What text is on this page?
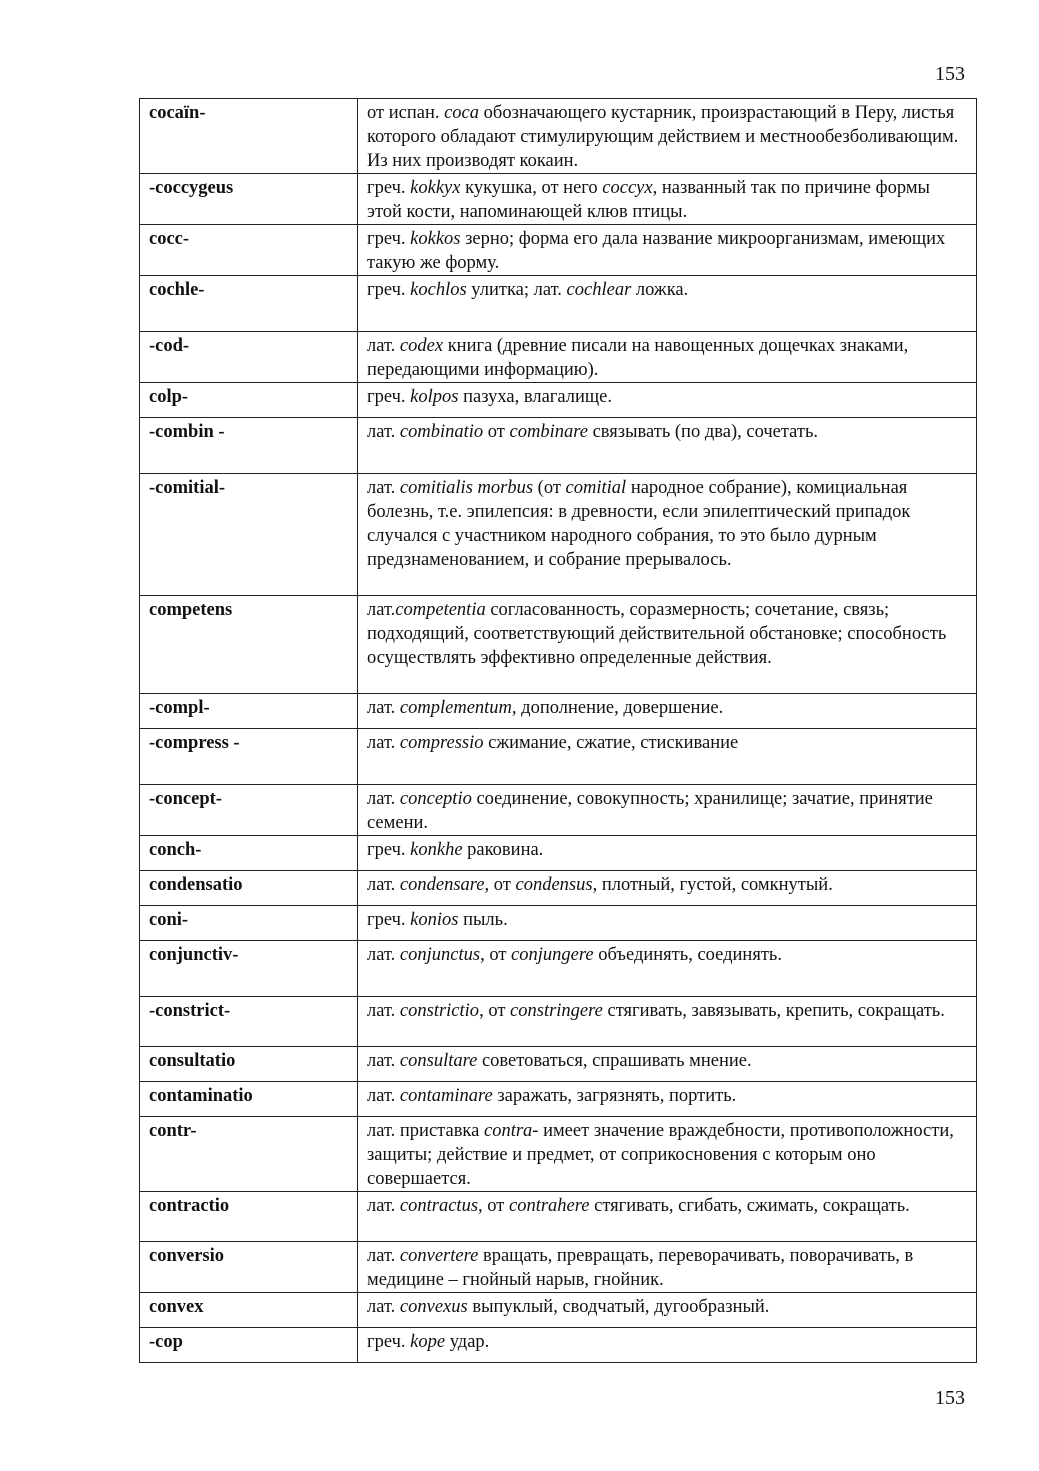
153
cocaïn-	от испан. coca обозначающего кустарник, произрастающий в Перу, листья которого обладают стимулирующим действием и местнообезболивающим. Из них производят кокаин.
-coccygeus	греч. kokkyx кукушка, от него coccyx, названный так по причине формы этой кости, напоминающей клюв птицы.
cocc-	греч. kokkos зерно; форма его дала название микроорганизмам, имеющих такую же форму.
cochle-	греч. kochlos улитка; лат. cochlear ложка.
-cod-	лат. codex книга (древние писали на навощенных дощечках знаками, передающими информацию).
colp-	греч. kolpos пазуха, влагалище.
-combin -	лат. combinatio от combinare связывать (по два), сочетать.
-comitial-	лат. comitialis morbus (от comitial народное собрание), комициальная болезнь, т.е. эпилепсия: в древности, если эпилептический припадок случался с участником народного собрания, то это было дурным предзнаменованием, и собрание прерывалось.
competens	лат.competentia согласованность, соразмерность; сочетание, связь; подходящий, соответствующий действительной обстановке; способность осуществлять эффективно определенные действия.
-compl-	лат. complementum, дополнение, довершение.
-compress -	лат. compressio сжимание, сжатие, стискивание
-concept-	лат. conceptio соединение, совокупность; хранилище; зачатие, принятие семени.
conch-	греч. konkhe раковина.
condensatio	лат. condensare, от condensus, плотный, густой, сомкнутый.
coni-	греч. konios пыль.
conjunctiv-	лат. conjunctus, от conjungere объединять, соединять.
-constrict-	лат. constrictio, от constringere стягивать, завязывать, крепить, сокращать.
consultatio	лат. consultare советоваться, спрашивать мнение.
contaminatio	лат. contaminare заражать, загрязнять, портить.
contr-	лат. приставка contra- имеет значение враждебности, противоположности, защиты; действие и предмет, от соприкосновения с которым оно совершается.
contractio	лат. contractus, от contrahere стягивать, сгибать, сжимать, сокращать.
conversio	лат. convertere вращать, превращать, переворачивать, поворачивать, в медицине – гнойный нарыв, гнойник.
convex	лат. convexus выпуклый, сводчатый, дугообразный.
-cop	греч. kope удар.
153
